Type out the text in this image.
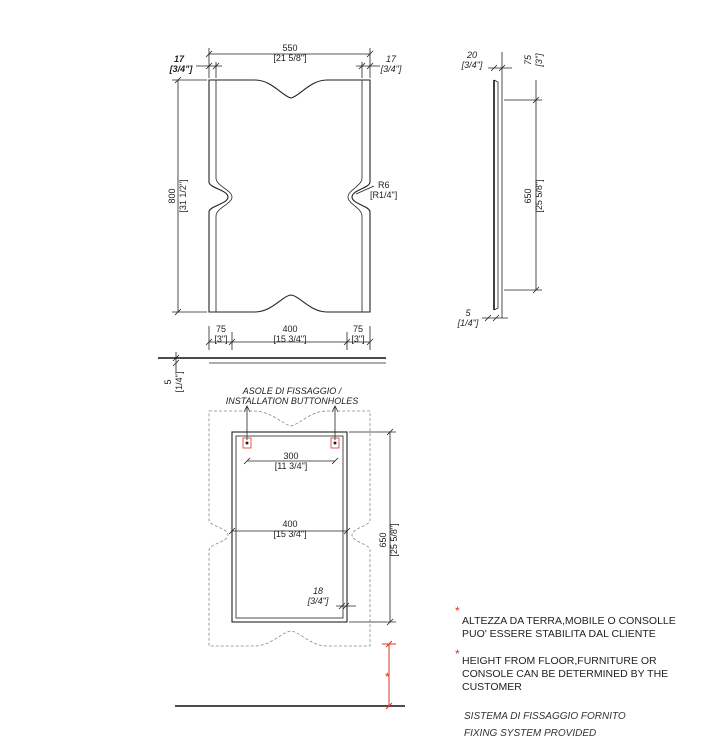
550
[21 5/8"]
17
[3/4"]
17
[3/4"]
800 [31 1/2"]	R6
[R1/4"]
75
[3"]
400
[15 3/4"]
75
[3"]
5 [1/4"]
20
[3/4"]	75 [3"]
650 [25 5/8"]
5
[1/4"]
ASOLE DI FISSAGGIO /
INSTALLATION BUTTONHOLES
300
[11 3/4"]
400
[15 3/4"]	650 [25 5/8"]
18
[3/4"]
*
*
ALTEZZA DA TERRA,MOBILE O CONSOLLE
PUO' ESSERE STABILITA DAL CLIENTE
* HEIGHT FROM FLOOR,FURNITURE OR
CONSOLE CAN BE DETERMINED BY THE
CUSTOMER
SISTEMA DI FISSAGGIO FORNITO
FIXING SYSTEM PROVIDED
